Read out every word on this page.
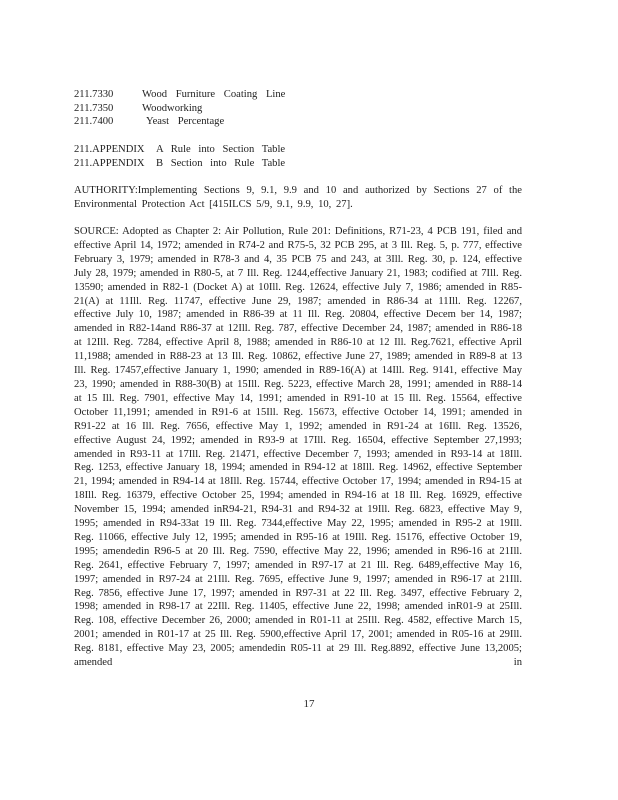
211.7330	Wood Furniture Coating Line
211.7350	Woodworking
211.7400	Yeast Percentage
211.APPENDIX	A Rule into Section Table
211.APPENDIX	B Section into Rule Table
AUTHORITY:Implementing Sections 9, 9.1, 9.9 and 10 and authorized by Sections 27 of the Environmental Protection Act [415ILCS 5/9, 9.1, 9.9, 10, 27].
SOURCE: Adopted as Chapter 2: Air Pollution, Rule 201: Definitions, R71-23, 4 PCB 191, filed and effective April 14, 1972; amended in R74-2 and R75-5, 32 PCB 295, at 3 Ill. Reg. 5, p. 777, effective February 3, 1979; amended in R78-3 and 4, 35 PCB 75 and 243, at 3Ill. Reg. 30, p. 124, effective July 28, 1979; amended in R80-5, at 7 Ill. Reg. 1244,effective January 21, 1983; codified at 7Ill. Reg. 13590; amended in R82-1 (Docket A) at 10Ill. Reg. 12624, effective July 7, 1986; amended in R85-21(A) at 11Ill. Reg. 11747, effective June 29, 1987; amended in R86-34 at 11Ill. Reg. 12267, effective July 10, 1987; amended in R86-39 at 11 Ill. Reg. 20804, effective Decem ber 14, 1987; amended in R82-14and R86-37 at 12Ill. Reg. 787, effective December 24, 1987; amended in R86-18 at 12Ill. Reg. 7284, effective April 8, 1988; amended in R86-10 at 12 Ill. Reg.7621, effective April 11,1988; amended in R88-23 at 13 Ill. Reg. 10862, effective June 27, 1989; amended in R89-8 at 13 Ill. Reg. 17457,effective January 1, 1990; amended in R89-16(A) at 14Ill. Reg. 9141, effective May 23, 1990; amended in R88-30(B) at 15Ill. Reg. 5223, effective March 28, 1991; amended in R88-14 at 15 Ill. Reg. 7901, effective May 14, 1991; amended in R91-10 at 15 Ill. Reg. 15564, effective October 11,1991; amended in R91-6 at 15Ill. Reg. 15673, effective October 14, 1991; amended in R91-22 at 16 Ill. Reg. 7656, effective May 1, 1992; amended in R91-24 at 16Ill. Reg. 13526, effective August 24, 1992; amended in R93-9 at 17Ill. Reg. 16504, effective September 27,1993; amended in R93-11 at 17Ill. Reg. 21471, effective December 7, 1993; amended in R93-14 at 18Ill. Reg. 1253, effective January 18, 1994; amended in R94-12 at 18Ill. Reg. 14962, effective September 21, 1994; amended in R94-14 at 18Ill. Reg. 15744, effective October 17, 1994; amended in R94-15 at 18Ill. Reg. 16379, effective October 25, 1994; amended in R94-16 at 18 Ill. Reg. 16929, effective November 15, 1994; amended inR94-21, R94-31 and R94-32 at 19Ill. Reg. 6823, effective May 9, 1995; amended in R94-33at 19 Ill. Reg. 7344,effective May 22, 1995; amended in R95-2 at 19Ill. Reg. 11066, effective July 12, 1995; amended in R95-16 at 19Ill. Reg. 15176, effective October 19, 1995; amendedin R96-5 at 20 Ill. Reg. 7590, effective May 22, 1996; amended in R96-16 at 21Ill. Reg. 2641, effective February 7, 1997; amended in R97-17 at 21 Ill. Reg. 6489,effective May 16, 1997; amended in R97-24 at 21Ill. Reg. 7695, effective June 9, 1997; amended in R96-17 at 21Ill. Reg. 7856, effective June 17, 1997; amended in R97-31 at 22 Ill. Reg. 3497, effective February 2, 1998; amended in R98-17 at 22Ill. Reg. 11405, effective June 22, 1998; amended inR01-9 at 25Ill. Reg. 108, effective December 26, 2000; amended in R01-11 at 25Ill. Reg. 4582, effective March 15, 2001; amended in R01-17 at 25 Ill. Reg. 5900,effective April 17, 2001; amended in R05-16 at 29Ill. Reg. 8181, effective May 23, 2005; amendedin R05-11 at 29 Ill. Reg.8892, effective June 13,2005; amended in
17
